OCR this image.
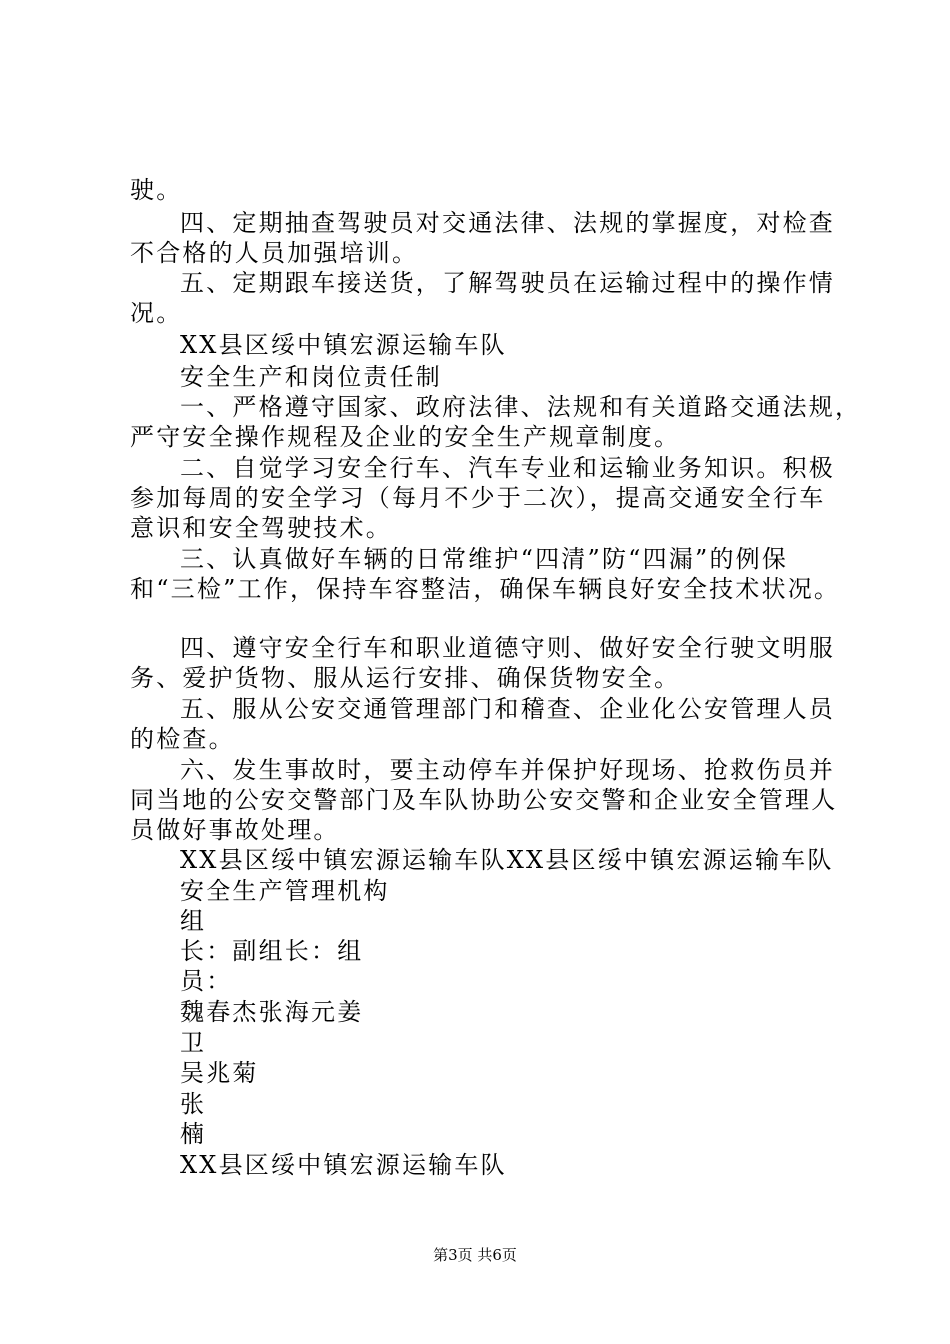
驶。
四、定期抽查驾驶员对交通法律、法规的掌握度，对检查
不合格的人员加强培训。
五、定期跟车接送货，了解驾驶员在运输过程中的操作情
况。
XX县区绥中镇宏源运输车队
安全生产和岗位责任制
一、严格遵守国家、政府法律、法规和有关道路交通法规，
严守安全操作规程及企业的安全生产规章制度。
二、自觉学习安全行车、汽车专业和运输业务知识。积极
参加每周的安全学习（每月不少于二次），提高交通安全行车
意识和安全驾驶技术。
三、认真做好车辆的日常维护“四清”防“四漏”的例保
和“三检”工作，保持车容整洁，确保车辆良好安全技术状况。
四、遵守安全行车和职业道德守则、做好安全行驶文明服
务、爱护货物、服从运行安排、确保货物安全。
五、服从公安交通管理部门和稽查、企业化公安管理人员
的检查。
六、发生事故时，要主动停车并保护好现场、抢救伤员并
同当地的公安交警部门及车队协助公安交警和企业安全管理人
员做好事故处理。
XX县区绥中镇宏源运输车队XX县区绥中镇宏源运输车队
安全生产管理机构
组
长：副组长：组
员：
魏春杰张海元姜
卫
吴兆菊
张
楠
XX县区绥中镇宏源运输车队
第3页 共6页
